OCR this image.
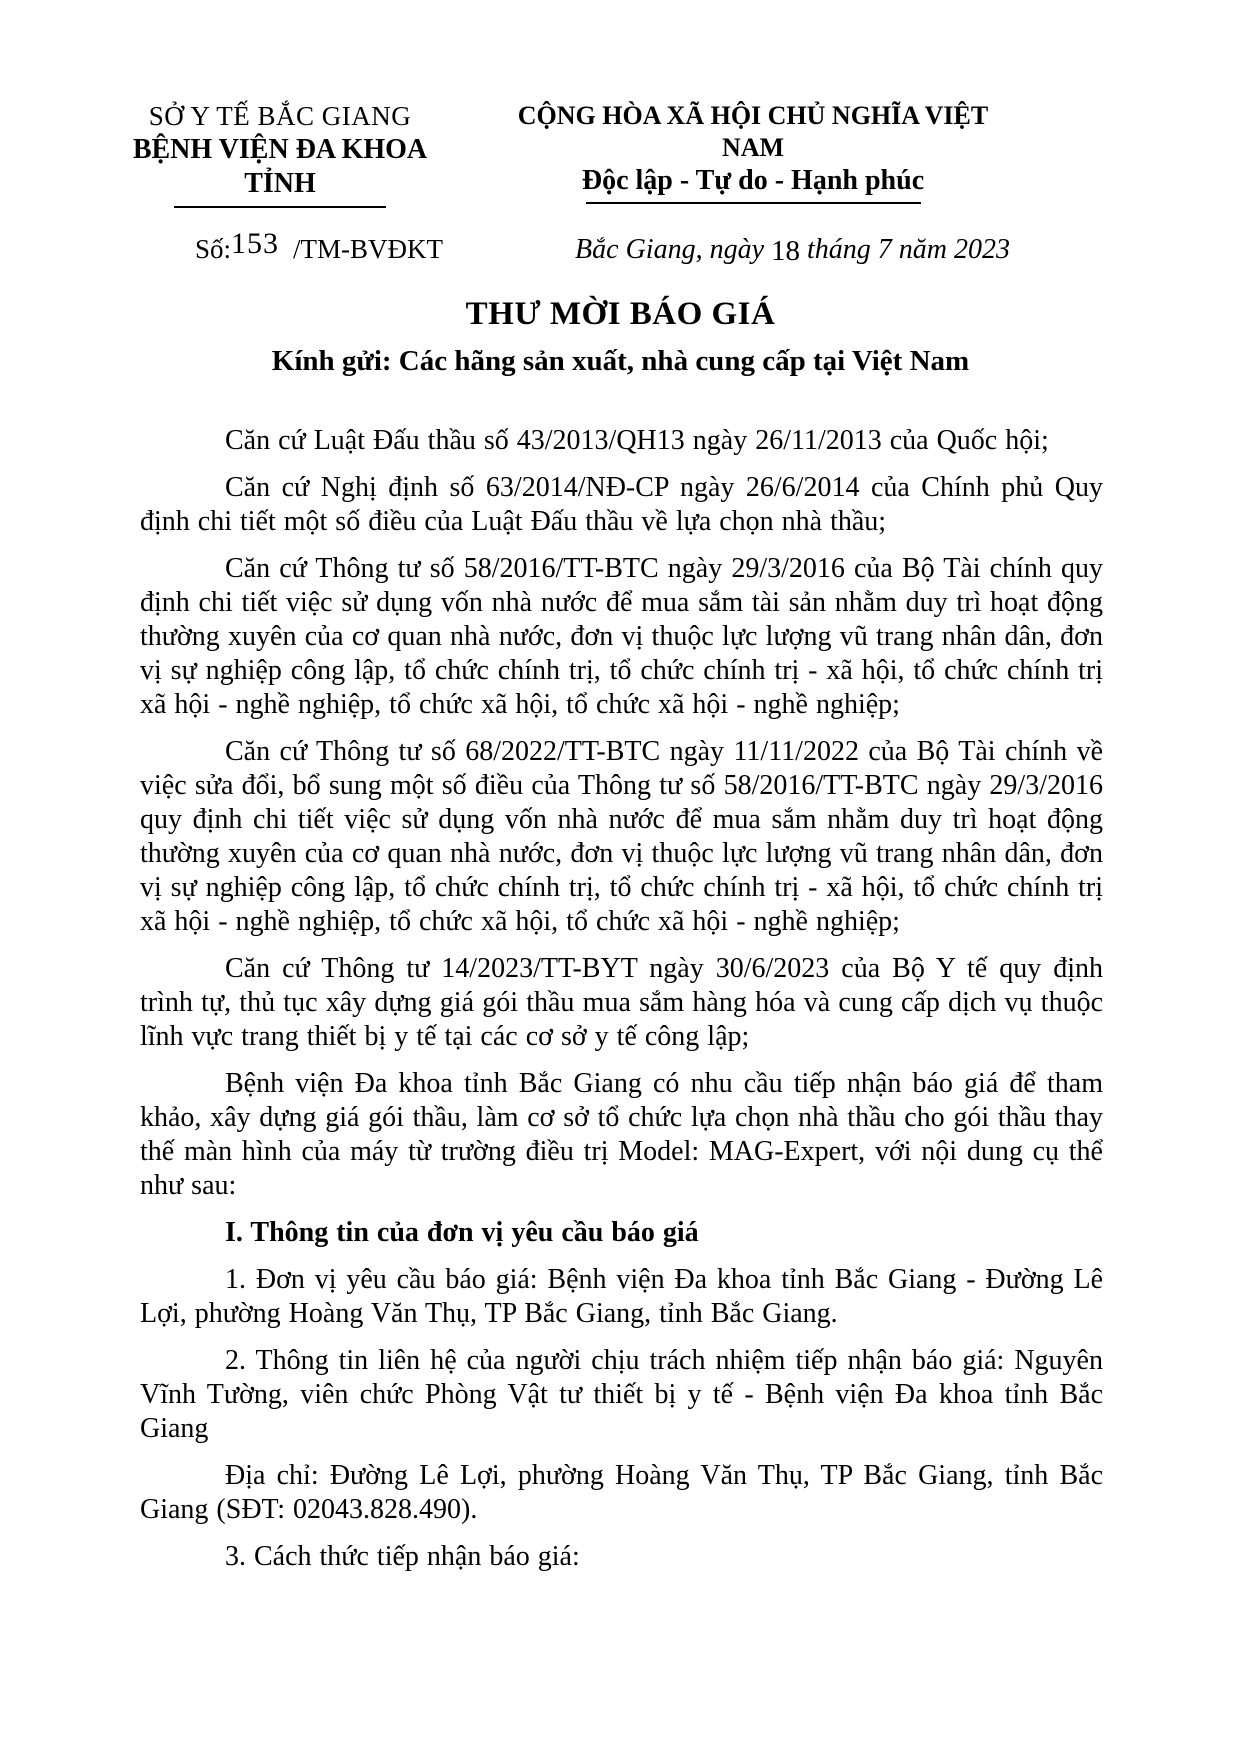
SỞ Y TẾ BẮC GIANG
BỆNH VIỆN ĐA KHOA TỈNH
CỘNG HÒA XÃ HỘI CHỦ NGHĨA VIỆT NAM
Độc lập - Tự do - Hạnh phúc
Số:153 /TM-BVĐKT	Bắc Giang, ngày 18 tháng 7 năm 2023
THƯ MỜI BÁO GIÁ
Kính gửi: Các hãng sản xuất, nhà cung cấp tại Việt Nam

Căn cứ Luật Đấu thầu số 43/2013/QH13 ngày 26/11/2013 của Quốc hội;

Căn cứ Nghị định số 63/2014/NĐ-CP ngày 26/6/2014 của Chính phủ Quy định chi tiết một số điều của Luật Đấu thầu về lựa chọn nhà thầu;

Căn cứ Thông tư số 58/2016/TT-BTC ngày 29/3/2016 của Bộ Tài chính quy định chi tiết việc sử dụng vốn nhà nước để mua sắm tài sản nhằm duy trì hoạt động thường xuyên của cơ quan nhà nước, đơn vị thuộc lực lượng vũ trang nhân dân, đơn vị sự nghiệp công lập, tổ chức chính trị, tổ chức chính trị - xã hội, tổ chức chính trị xã hội - nghề nghiệp, tổ chức xã hội, tổ chức xã hội - nghề nghiệp;

Căn cứ Thông tư số 68/2022/TT-BTC ngày 11/11/2022 của Bộ Tài chính về việc sửa đổi, bổ sung một số điều của Thông tư số 58/2016/TT-BTC ngày 29/3/2016 quy định chi tiết việc sử dụng vốn nhà nước để mua sắm nhằm duy trì hoạt động thường xuyên của cơ quan nhà nước, đơn vị thuộc lực lượng vũ trang nhân dân, đơn vị sự nghiệp công lập, tổ chức chính trị, tổ chức chính trị - xã hội, tổ chức chính trị xã hội - nghề nghiệp, tổ chức xã hội, tổ chức xã hội - nghề nghiệp;

Căn cứ Thông tư 14/2023/TT-BYT ngày 30/6/2023 của Bộ Y tế quy định trình tự, thủ tục xây dựng giá gói thầu mua sắm hàng hóa và cung cấp dịch vụ thuộc lĩnh vực trang thiết bị y tế tại các cơ sở y tế công lập;

Bệnh viện Đa khoa tỉnh Bắc Giang có nhu cầu tiếp nhận báo giá để tham khảo, xây dựng giá gói thầu, làm cơ sở tổ chức lựa chọn nhà thầu cho gói thầu thay thế màn hình của máy từ trường điều trị Model: MAG-Expert, với nội dung cụ thể như sau:

I. Thông tin của đơn vị yêu cầu báo giá

1. Đơn vị yêu cầu báo giá: Bệnh viện Đa khoa tỉnh Bắc Giang - Đường Lê Lợi, phường Hoàng Văn Thụ, TP Bắc Giang, tỉnh Bắc Giang.

2. Thông tin liên hệ của người chịu trách nhiệm tiếp nhận báo giá: Nguyên Vĩnh Tường, viên chức Phòng Vật tư thiết bị y tế - Bệnh viện Đa khoa tỉnh Bắc Giang

Địa chỉ: Đường Lê Lợi, phường Hoàng Văn Thụ, TP Bắc Giang, tỉnh Bắc Giang (SĐT: 02043.828.490).

3. Cách thức tiếp nhận báo giá:
